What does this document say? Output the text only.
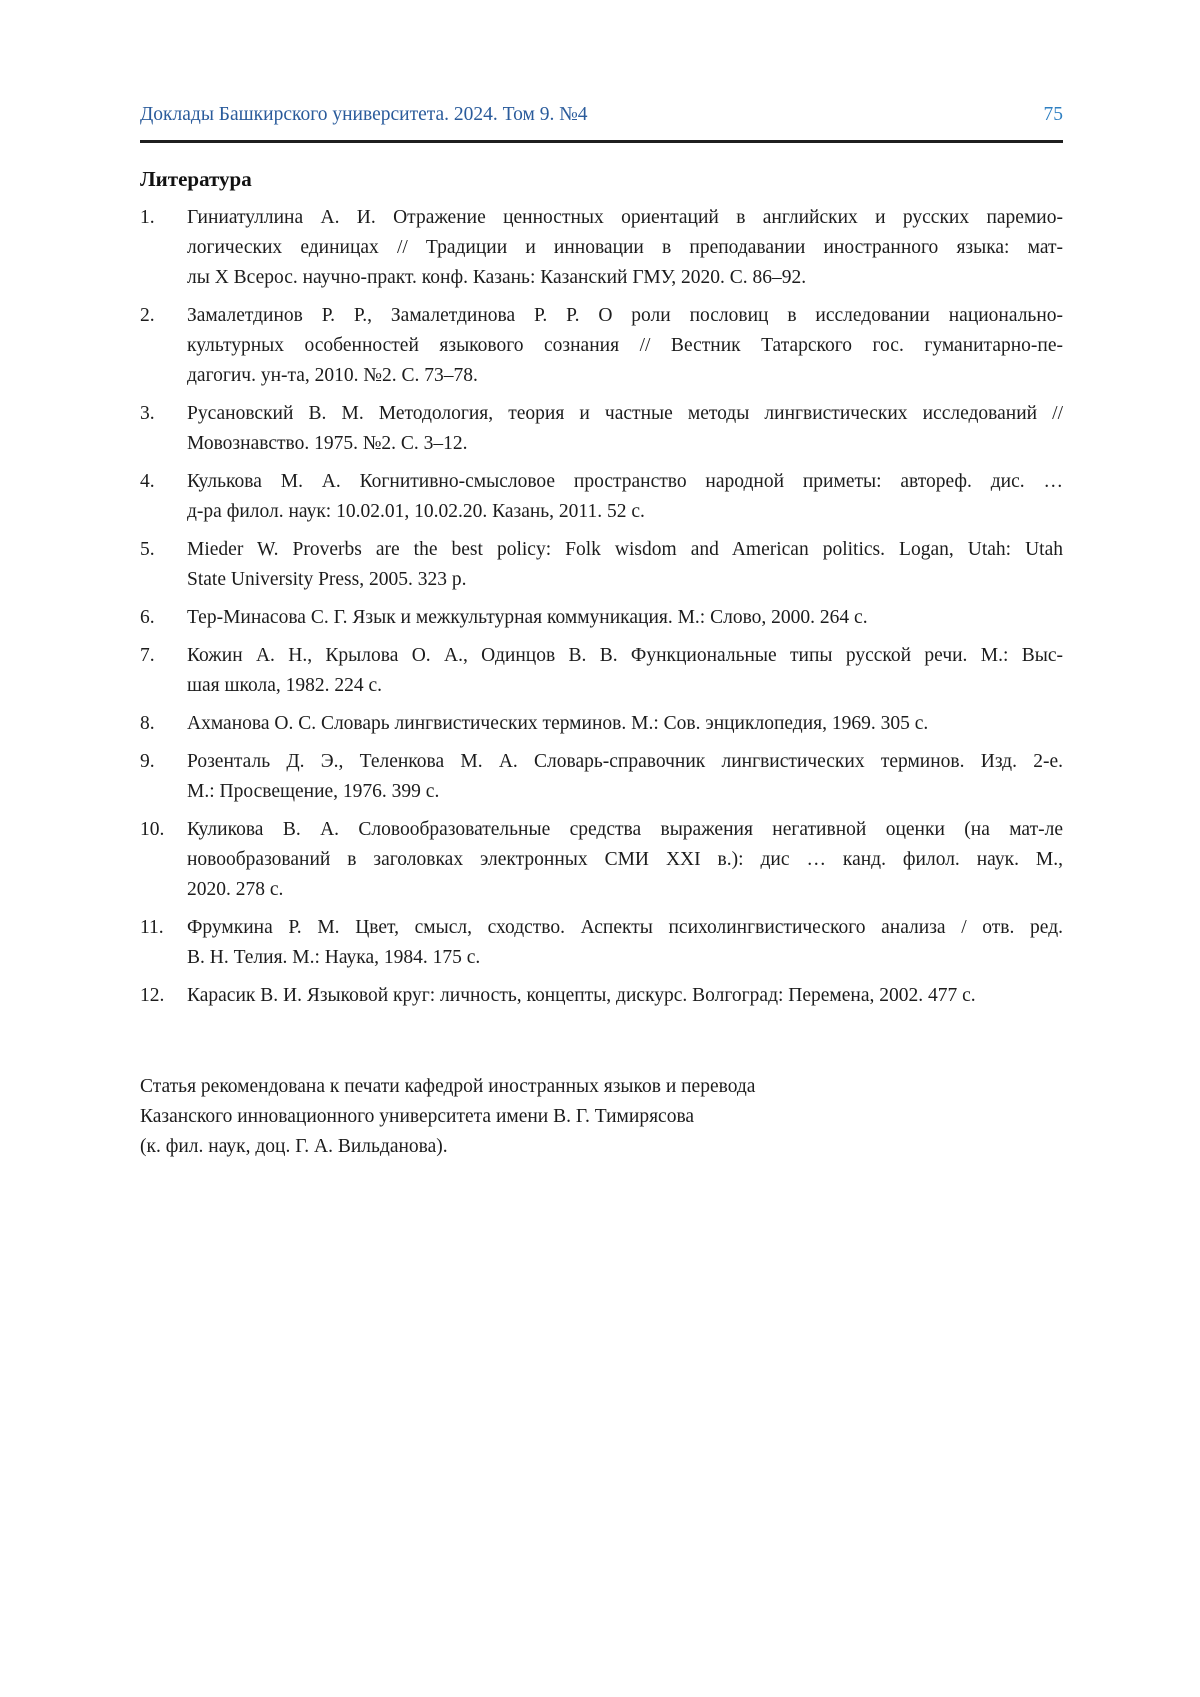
Доклады Башкирского университета. 2024. Том 9. №4	75
Литература
1.	Гиниатуллина А. И. Отражение ценностных ориентаций в английских и русских паремио-
логических единицах // Традиции и инновации в преподавании иностранного языка: мат-
лы X Всерос. научно-практ. конф. Казань: Казанский ГМУ, 2020. С. 86–92.
2.	Замалетдинов Р. Р., Замалетдинова Р. Р. О роли пословиц в исследовании национально-
культурных особенностей языкового сознания // Вестник Татарского гос. гуманитарно-пе-
дагогич. ун-та, 2010. №2. С. 73–78.
3.	Русановский В. М. Методология, теория и частные методы лингвистических исследований //
Мовознавство. 1975. №2. С. 3–12.
4.	Кулькова М. А. Когнитивно-смысловое пространство народной приметы: автореф. дис. …
д-ра филол. наук: 10.02.01, 10.02.20. Казань, 2011. 52 с.
5.	Mieder W. Proverbs are the best policy: Folk wisdom and American politics. Logan, Utah: Utah
State University Press, 2005. 323 p.
6.	Тер-Минасова С. Г. Язык и межкультурная коммуникация. М.: Слово, 2000. 264 с.
7.	Кожин А. Н., Крылова О. А., Одинцов В. В. Функциональные типы русской речи. М.: Выс-
шая школа, 1982. 224 с.
8.	Ахманова О. С. Словарь лингвистических терминов. М.: Сов. энциклопедия, 1969. 305 с.
9.	Розенталь Д. Э., Теленкова М. А. Словарь-справочник лингвистических терминов. Изд. 2-е.
М.: Просвещение, 1976. 399 с.
10.	Куликова В. А. Словообразовательные средства выражения негативной оценки (на мат-ле
новообразований в заголовках электронных СМИ XXI в.): дис … канд. филол. наук. М.,
2020. 278 с.
11.	Фрумкина Р. М. Цвет, смысл, сходство. Аспекты психолингвистического анализа / отв. ред.
В. Н. Телия. М.: Наука, 1984. 175 с.
12.	Карасик В. И. Языковой круг: личность, концепты, дискурс. Волгоград: Перемена, 2002. 477 с.
Статья рекомендована к печати кафедрой иностранных языков и перевода
Казанского инновационного университета имени В. Г. Тимирясова
(к. фил. наук, доц. Г. А. Вильданова).
